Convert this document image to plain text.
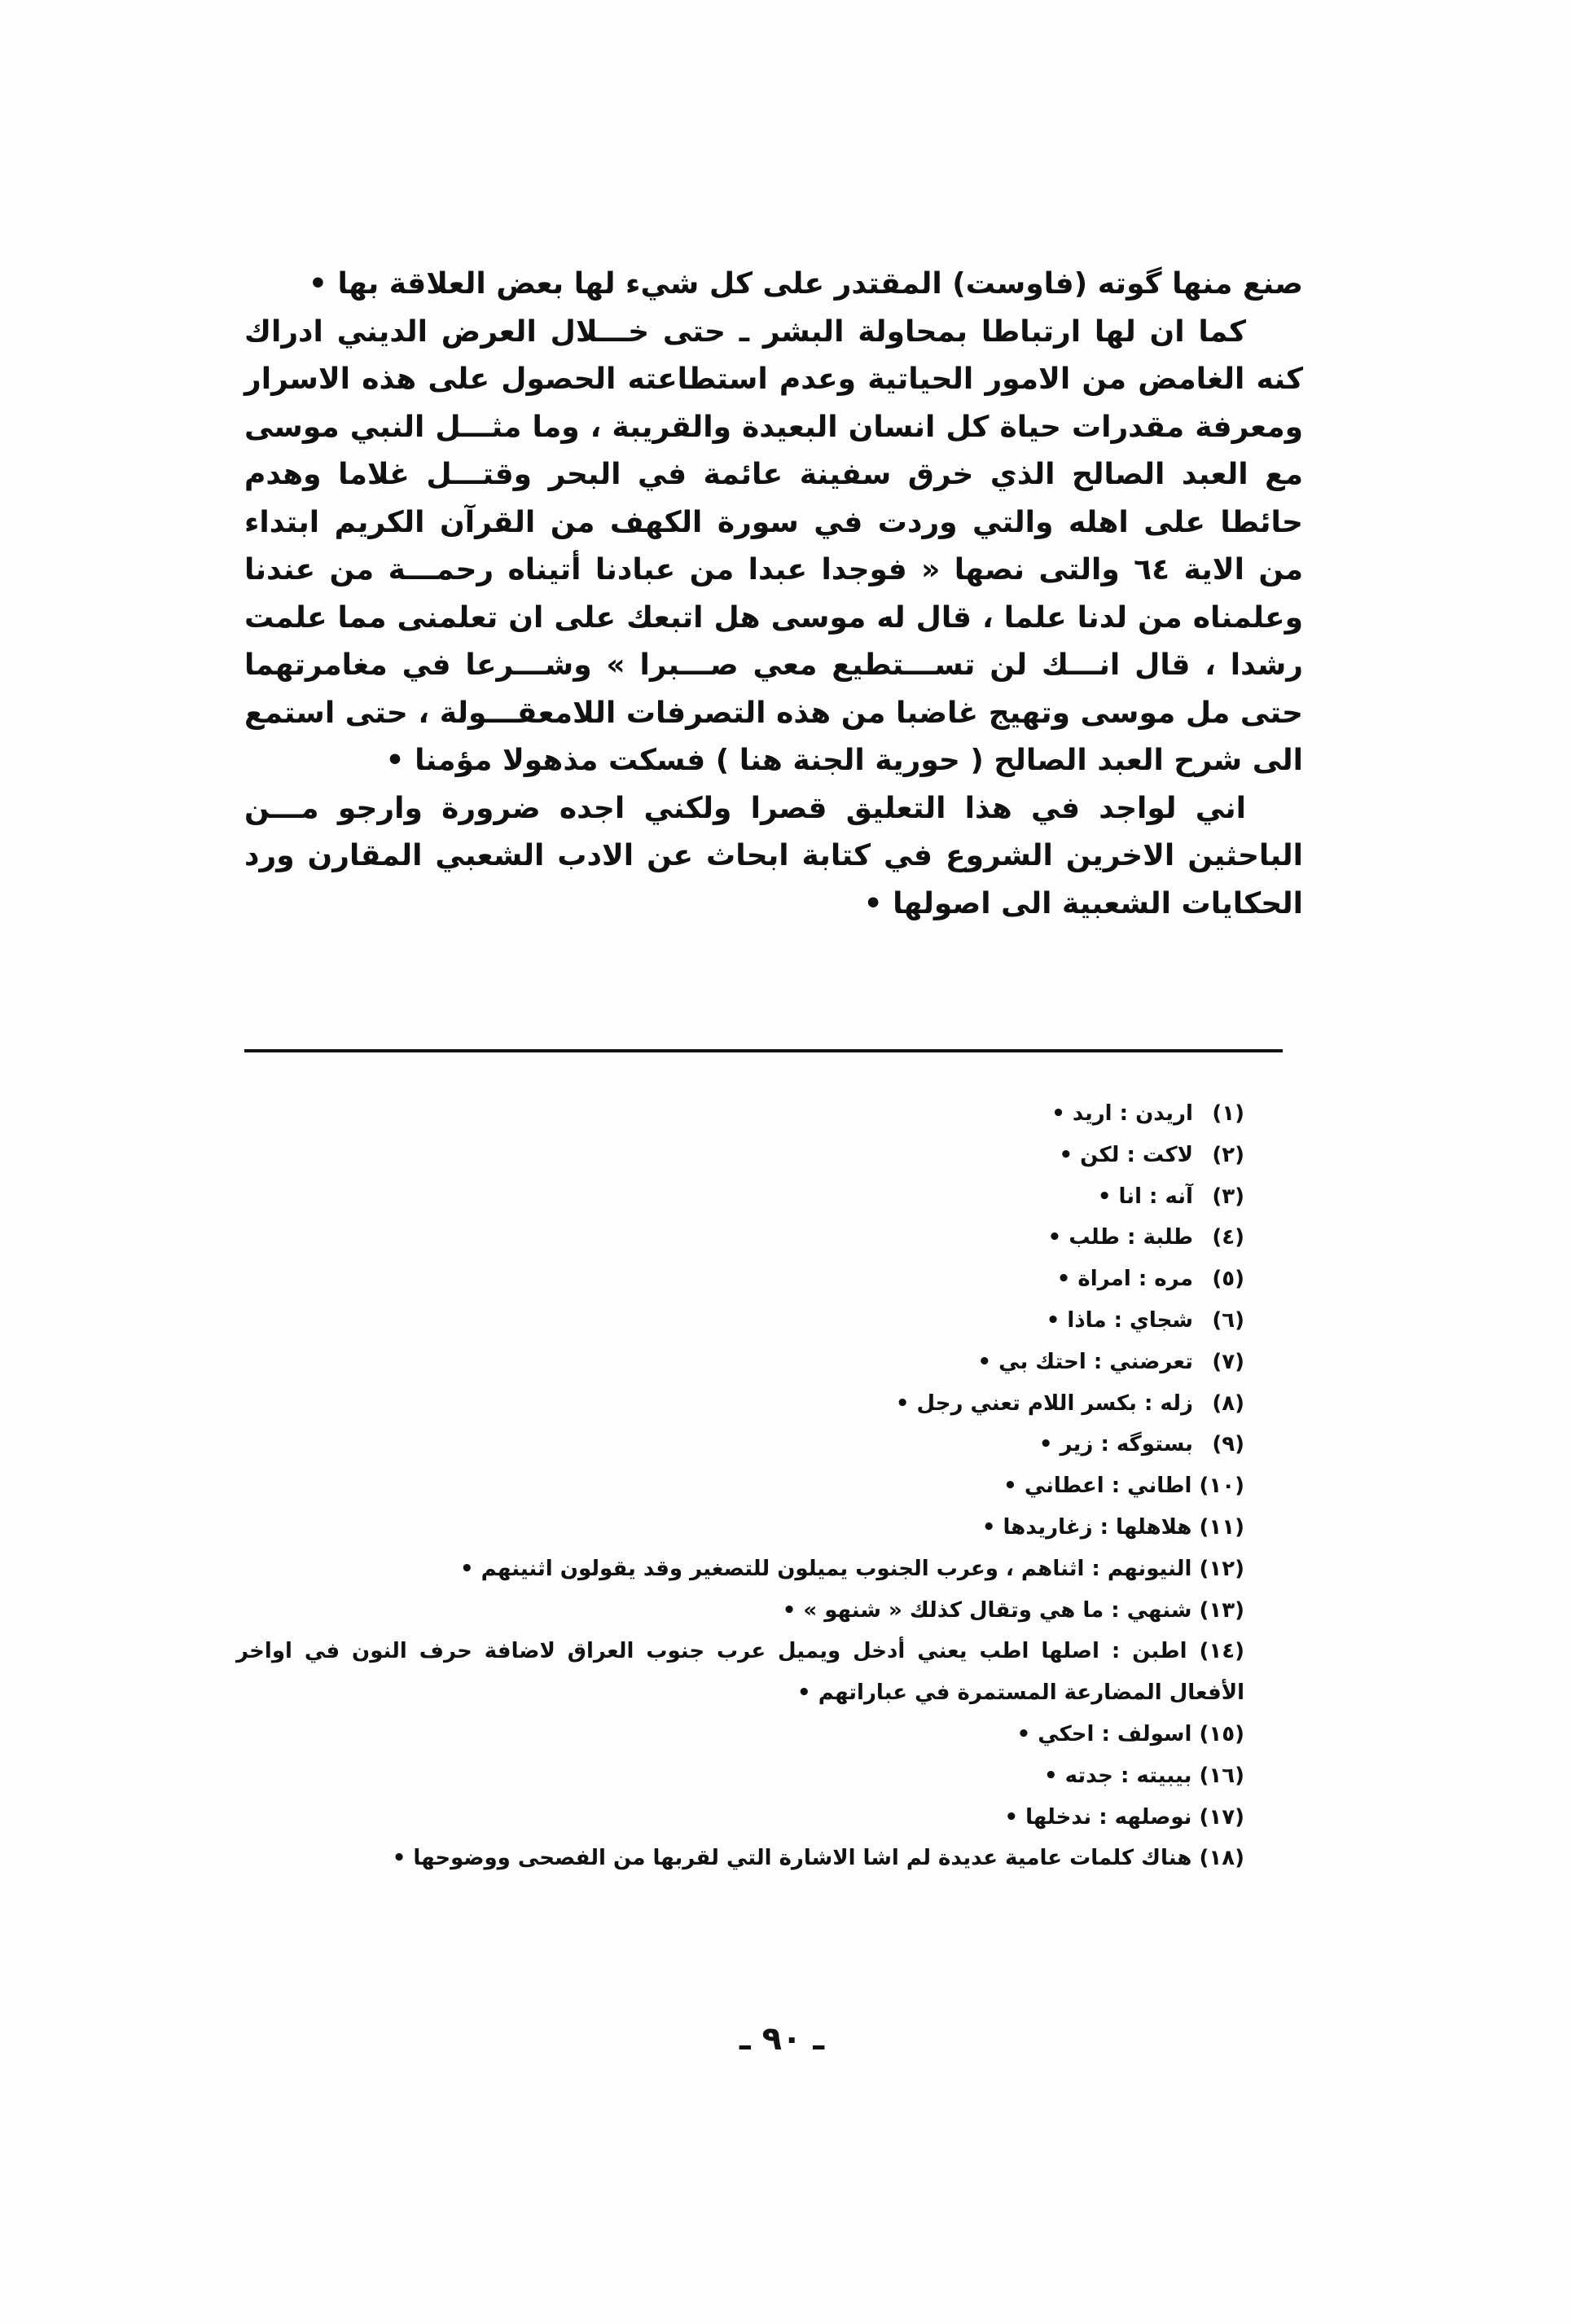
صنع منها گوته (فاوست) المقتدر على كل شيء لها بعض العلاقة بها •

كما ان لها ارتباطا بمحاولة البشر ـ حتى خـــلال العرض الديني ادراك كنه الغامض من الامور الحياتية وعدم استطاعته الحصول على هذه الاسرار ومعرفة مقدرات حياة كل انسان البعيدة والقريبة ، وما مثـــل النبي موسى مع العبد الصالح الذي خرق سفينة عائمة في البحر وقتـــل غلاما وهدم حائطا على اهله والتي وردت في سورة الكهف من القرآن الكريم ابتداء من الاية ٦٤ والتى نصها « فوجدا عبدا من عبادنا أتيناه رحمـــة من عندنا وعلمناه من لدنا علما ، قال له موسى هل اتبعك على ان تعلمنى مما علمت رشدا ، قال انـــك لن تســـتطيع معي صـــبرا » وشـــرعا في مغامرتهما حتى مل موسى وتهيج غاضبا من هذه التصرفات اللامعقـــولة ، حتى استمع الى شرح العبد الصالح ( حورية الجنة هنا ) فسكت مذهولا مؤمنا •

اني لواجد في هذا التعليق قصرا ولكني اجده ضرورة وارجو مـــن الباحثين الاخرين الشروع في كتابة ابحاث عن الادب الشعبي المقارن ورد الحكايات الشعبية الى اصولها •

(١) اريدن : اريد •
(٢) لاكت : لكن •
(٣) آنه : انا •
(٤) طلبة : طلب •
(٥) مره : امراة •
(٦) شجاي : ماذا •
(٧) تعرضني : احتك بي •
(٨) زله : بكسر اللام تعني رجل •
(٩) بستوگه : زير •
(١٠) اطاني : اعطاني •
(١١) هلاهلها : زغاريدها •
(١٢) النيونهم : اثناهم ، وعرب الجنوب يميلون للتصغير وقد يقولون اثنينهم •
(١٣) شنهي : ما هي وتقال كذلك « شنهو » •
(١٤) اطبن : اصلها اطب يعني أدخل ويميل عرب جنوب العراق لاضافة حرف النون في اواخر الأفعال المضارعة المستمرة في عباراتهم •
(١٥) اسولف : احكي •
(١٦) بيبيته : جدته •
(١٧) نوصلهه : ندخلها •
(١٨) هناك كلمات عامية عديدة لم اشا الاشارة التي لقربها من الفصحى ووضوحها •
ـ ٩٠ ـ
